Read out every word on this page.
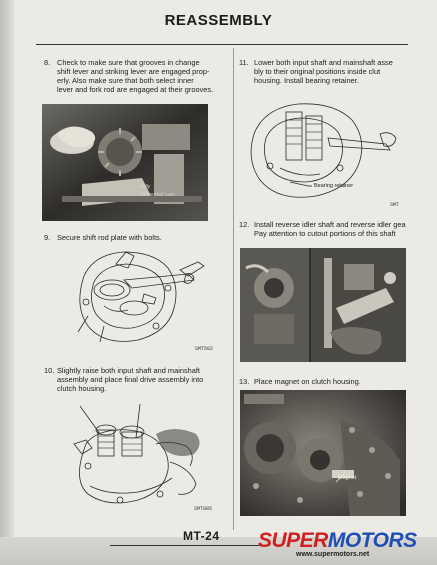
REASSEMBLY
8. Check to make sure that grooves in change
shift lever and striking lever are engaged prop-
erly. Also make sure that both select inner
lever and fork rod are engaged at their grooves.
pully
differential case
9. Secure shift rod plate with bolts.
SMT502
10. Slightly raise both input shaft and mainshaft
assembly and place final drive assembly into
clutch housing.
SMT885
11. Lower both input shaft and mainshaft asse
bly to their original positions inside clut
housing. Install bearing retainer.
Bearing retainer
SMT
12. Install reverse idler shaft and reverse idler gea
Pay attention to cutout portions of this shaft
13. Place magnet on clutch housing.
Magnet
MT-24 SUPERMOTORS
www.supermotors.net
